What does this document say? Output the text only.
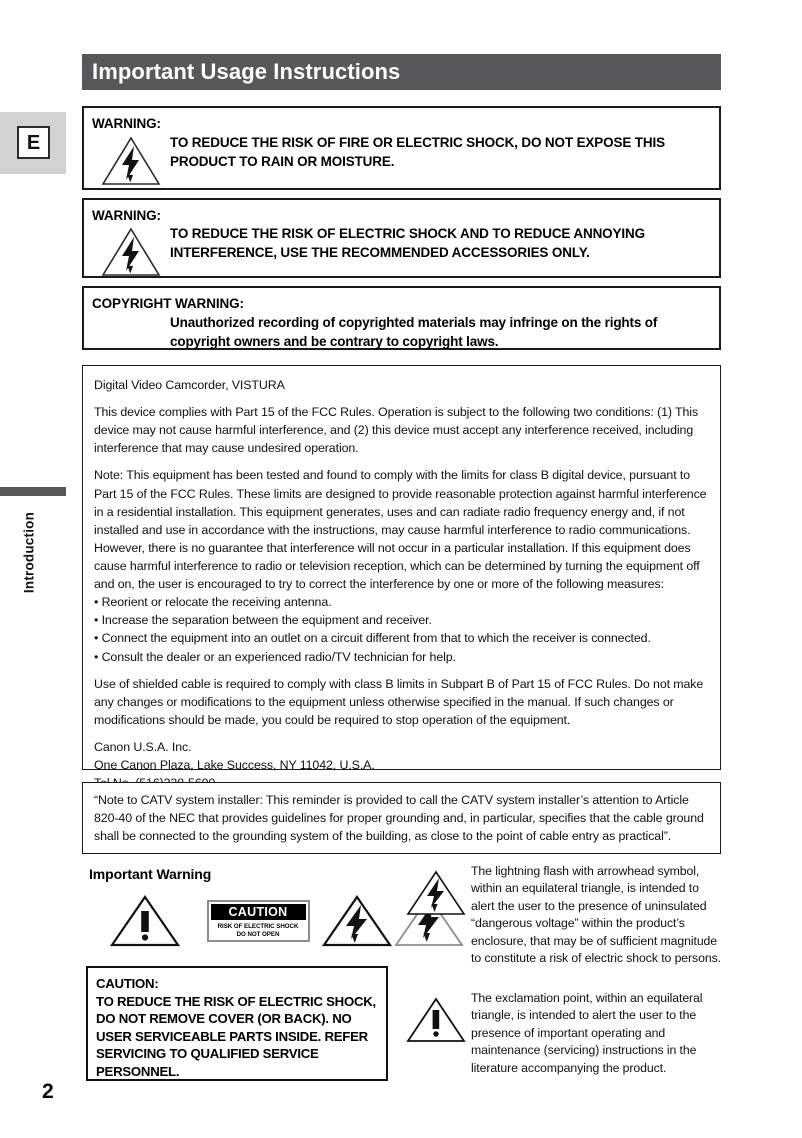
E
Introduction
Important Usage Instructions
WARNING:
TO REDUCE THE RISK OF FIRE OR ELECTRIC SHOCK, DO NOT EXPOSE THIS PRODUCT TO RAIN OR MOISTURE.
WARNING:
TO REDUCE THE RISK OF ELECTRIC SHOCK AND TO REDUCE ANNOYING INTERFERENCE, USE THE RECOMMENDED ACCESSORIES ONLY.
COPYRIGHT WARNING:
Unauthorized recording of copyrighted materials may infringe on the rights of copyright owners and be contrary to copyright laws.

Digital Video Camcorder, VISTURA

This device complies with Part 15 of the FCC Rules. Operation is subject to the following two conditions: (1) This device may not cause harmful interference, and (2) this device must accept any interference received, including interference that may cause undesired operation.

Note: This equipment has been tested and found to comply with the limits for class B digital device, pursuant to Part 15 of the FCC Rules. These limits are designed to provide reasonable protection against harmful interference in a residential installation. This equipment generates, uses and can radiate radio frequency energy and, if not installed and use in accordance with the instructions, may cause harmful interference to radio communications. However, there is no guarantee that interference will not occur in a particular installation. If this equipment does cause harmful interference to radio or television reception, which can be determined by turning the equipment off and on, the user is encouraged to try to correct the interference by one or more of the following measures:

• Reorient or relocate the receiving antenna.

• Increase the separation between the equipment and receiver.

• Connect the equipment into an outlet on a circuit different from that to which the receiver is connected.

• Consult the dealer or an experienced radio/TV technician for help.

Use of shielded cable is required to comply with class B limits in Subpart B of Part 15 of FCC Rules. Do not make any changes or modifications to the equipment unless otherwise specified in the manual. If such changes or modifications should be made, you could be required to stop operation of the equipment.

Canon U.S.A. Inc.

One Canon Plaza, Lake Success, NY 11042, U.S.A.

“Note to CATV system installer: This reminder is provided to call the CATV system installer’s attention to Article 820-40 of the NEC that provides guidelines for proper grounding and, in particular, specifies that the cable ground shall be connected to the grounding system of the building, as close to the point of cable entry as practical”.

Important Warning
CAUTION
RISK OF ELECTRIC SHOCK
DO NOT OPEN
CAUTION:
TO REDUCE THE RISK OF ELECTRIC SHOCK, DO NOT REMOVE COVER (OR BACK). NO USER SERVICEABLE PARTS INSIDE. REFER SERVICING TO QUALIFIED SERVICE PERSONNEL.
The lightning flash with arrowhead symbol, within an equilateral triangle, is intended to alert the user to the presence of uninsulated “dangerous voltage” within the product’s enclosure, that may be of sufficient magnitude to constitute a risk of electric shock to persons.
The exclamation point, within an equilateral triangle, is intended to alert the user to the presence of important operating and maintenance (servicing) instructions in the literature accompanying the product.
2
